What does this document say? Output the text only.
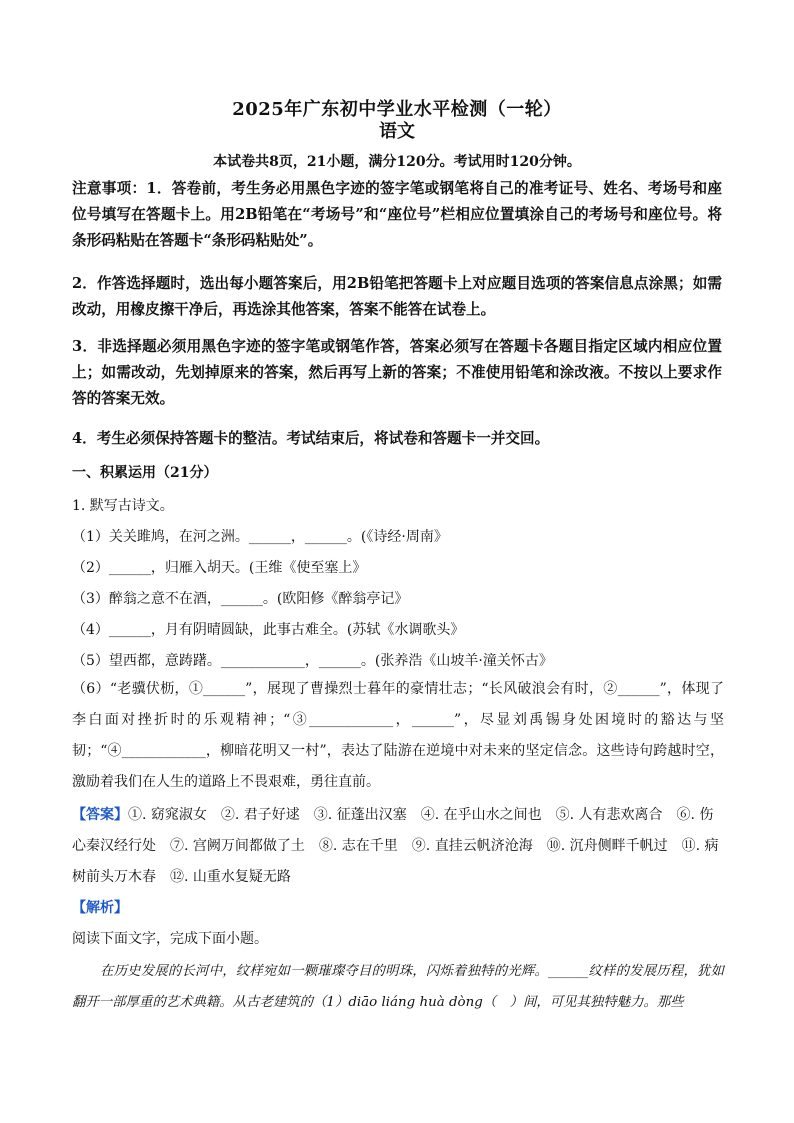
2025年广东初中学业水平检测（一轮）
语文
本试卷共8页，21小题，满分120分。考试用时120分钟。
注意事项：1．答卷前，考生务必用黑色字迹的签字笔或钢笔将自己的准考证号、姓名、考场号和座位号填写在答题卡上。用2B铅笔在“考场号”和“座位号”栏相应位置填涂自己的考场号和座位号。将条形码粘贴在答题卡“条形码粘贴处”。
2．作答选择题时，选出每小题答案后，用2B铅笔把答题卡上对应题目选项的答案信息点涂黑；如需改动，用橡皮擦干净后，再选涂其他答案，答案不能答在试卷上。
3．非选择题必须用黑色字迹的签字笔或钢笔作答，答案必须写在答题卡各题目指定区域内相应位置上；如需改动，先划掉原来的答案，然后再写上新的答案；不准使用铅笔和涂改液。不按以上要求作答的答案无效。
4．考生必须保持答题卡的整洁。考试结束后，将试卷和答题卡一并交回。
一、积累运用（21分）
1. 默写古诗文。
（1）关关雎鸠，在河之洲。______，______。(《诗经·周南》
（2）______，归雁入胡天。(王维《使至塞上》
（3）醉翁之意不在酒，______。(欧阳修《醉翁亭记》
（4）______，月有阴晴圆缺，此事古难全。(苏轼《水调歌头》
（5）望西都，意踌躇。____________，______。(张养浩《山坡羊·潼关怀古》
（6）“老骥伏枥，①______”，展现了曹操烈士暮年的豪情壮志；“长风破浪会有时，②______”，体现了李白面对挫折时的乐观精神；“③____________，______”，尽显刘禹锡身处困境时的豁达与坚韧；“④____________，柳暗花明又一村”，表达了陆游在逆境中对未来的坚定信念。这些诗句跨越时空，激励着我们在人生的道路上不畏艰难，勇往直前。
【答案】①. 窈窕淑女　②. 君子好逑　③. 征蓬出汉塞　④. 在乎山水之间也　⑤. 人有悲欢离合　⑥. 伤心秦汉经行处　⑦. 宫阙万间都做了土　⑧. 志在千里　⑨. 直挂云帆济沧海　⑩. 沉舟侧畔千帆过　⑪. 病树前头万木春　⑫. 山重水复疑无路
【解析】
阅读下面文字，完成下面小题。
在历史发展的长河中，纹样宛如一颗璀璨夺目的明珠，闪烁着独特的光辉。______纹样的发展历程，犹如翻开一部厚重的艺术典籍。从古老建筑的（1）diāo liáng huà dòng（　）间，可见其独特魅力。那些
